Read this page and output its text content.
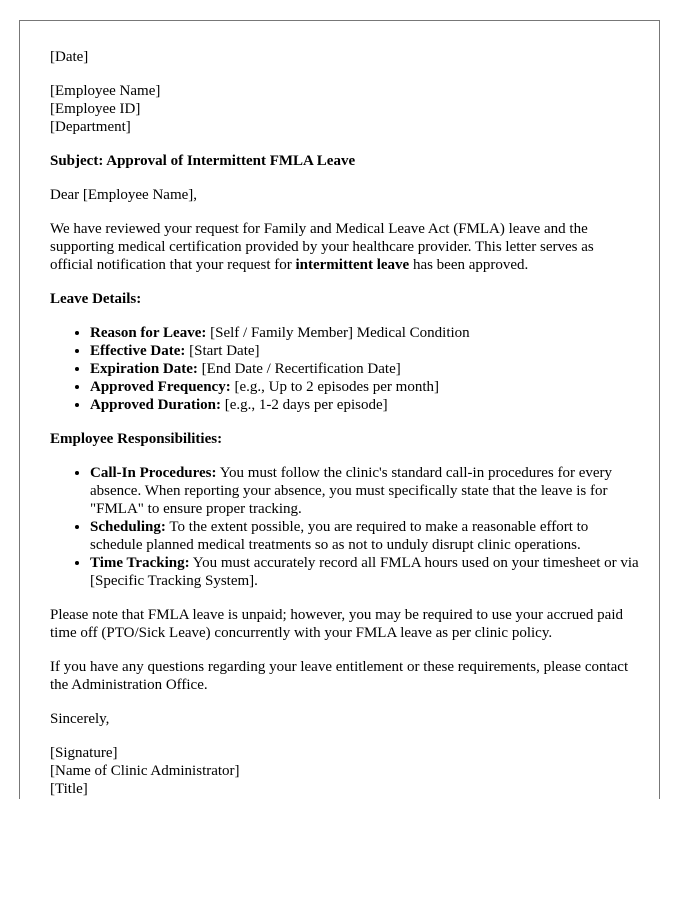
[Date]

[Employee Name]
[Employee ID]
[Department]

Subject: Approval of Intermittent FMLA Leave

Dear [Employee Name],

We have reviewed your request for Family and Medical Leave Act (FMLA) leave and the supporting medical certification provided by your healthcare provider. This letter serves as official notification that your request for intermittent leave has been approved.

Leave Details:

• Reason for Leave: [Self / Family Member] Medical Condition
• Effective Date: [Start Date]
• Expiration Date: [End Date / Recertification Date]
• Approved Frequency: [e.g., Up to 2 episodes per month]
• Approved Duration: [e.g., 1-2 days per episode]

Employee Responsibilities:

• Call-In Procedures: You must follow the clinic's standard call-in procedures for every absence. When reporting your absence, you must specifically state that the leave is for "FMLA" to ensure proper tracking.
• Scheduling: To the extent possible, you are required to make a reasonable effort to schedule planned medical treatments so as not to unduly disrupt clinic operations.
• Time Tracking: You must accurately record all FMLA hours used on your timesheet or via [Specific Tracking System].

Please note that FMLA leave is unpaid; however, you may be required to use your accrued paid time off (PTO/Sick Leave) concurrently with your FMLA leave as per clinic policy.

If you have any questions regarding your leave entitlement or these requirements, please contact the Administration Office.

Sincerely,

[Signature]
[Name of Clinic Administrator]
[Title]
